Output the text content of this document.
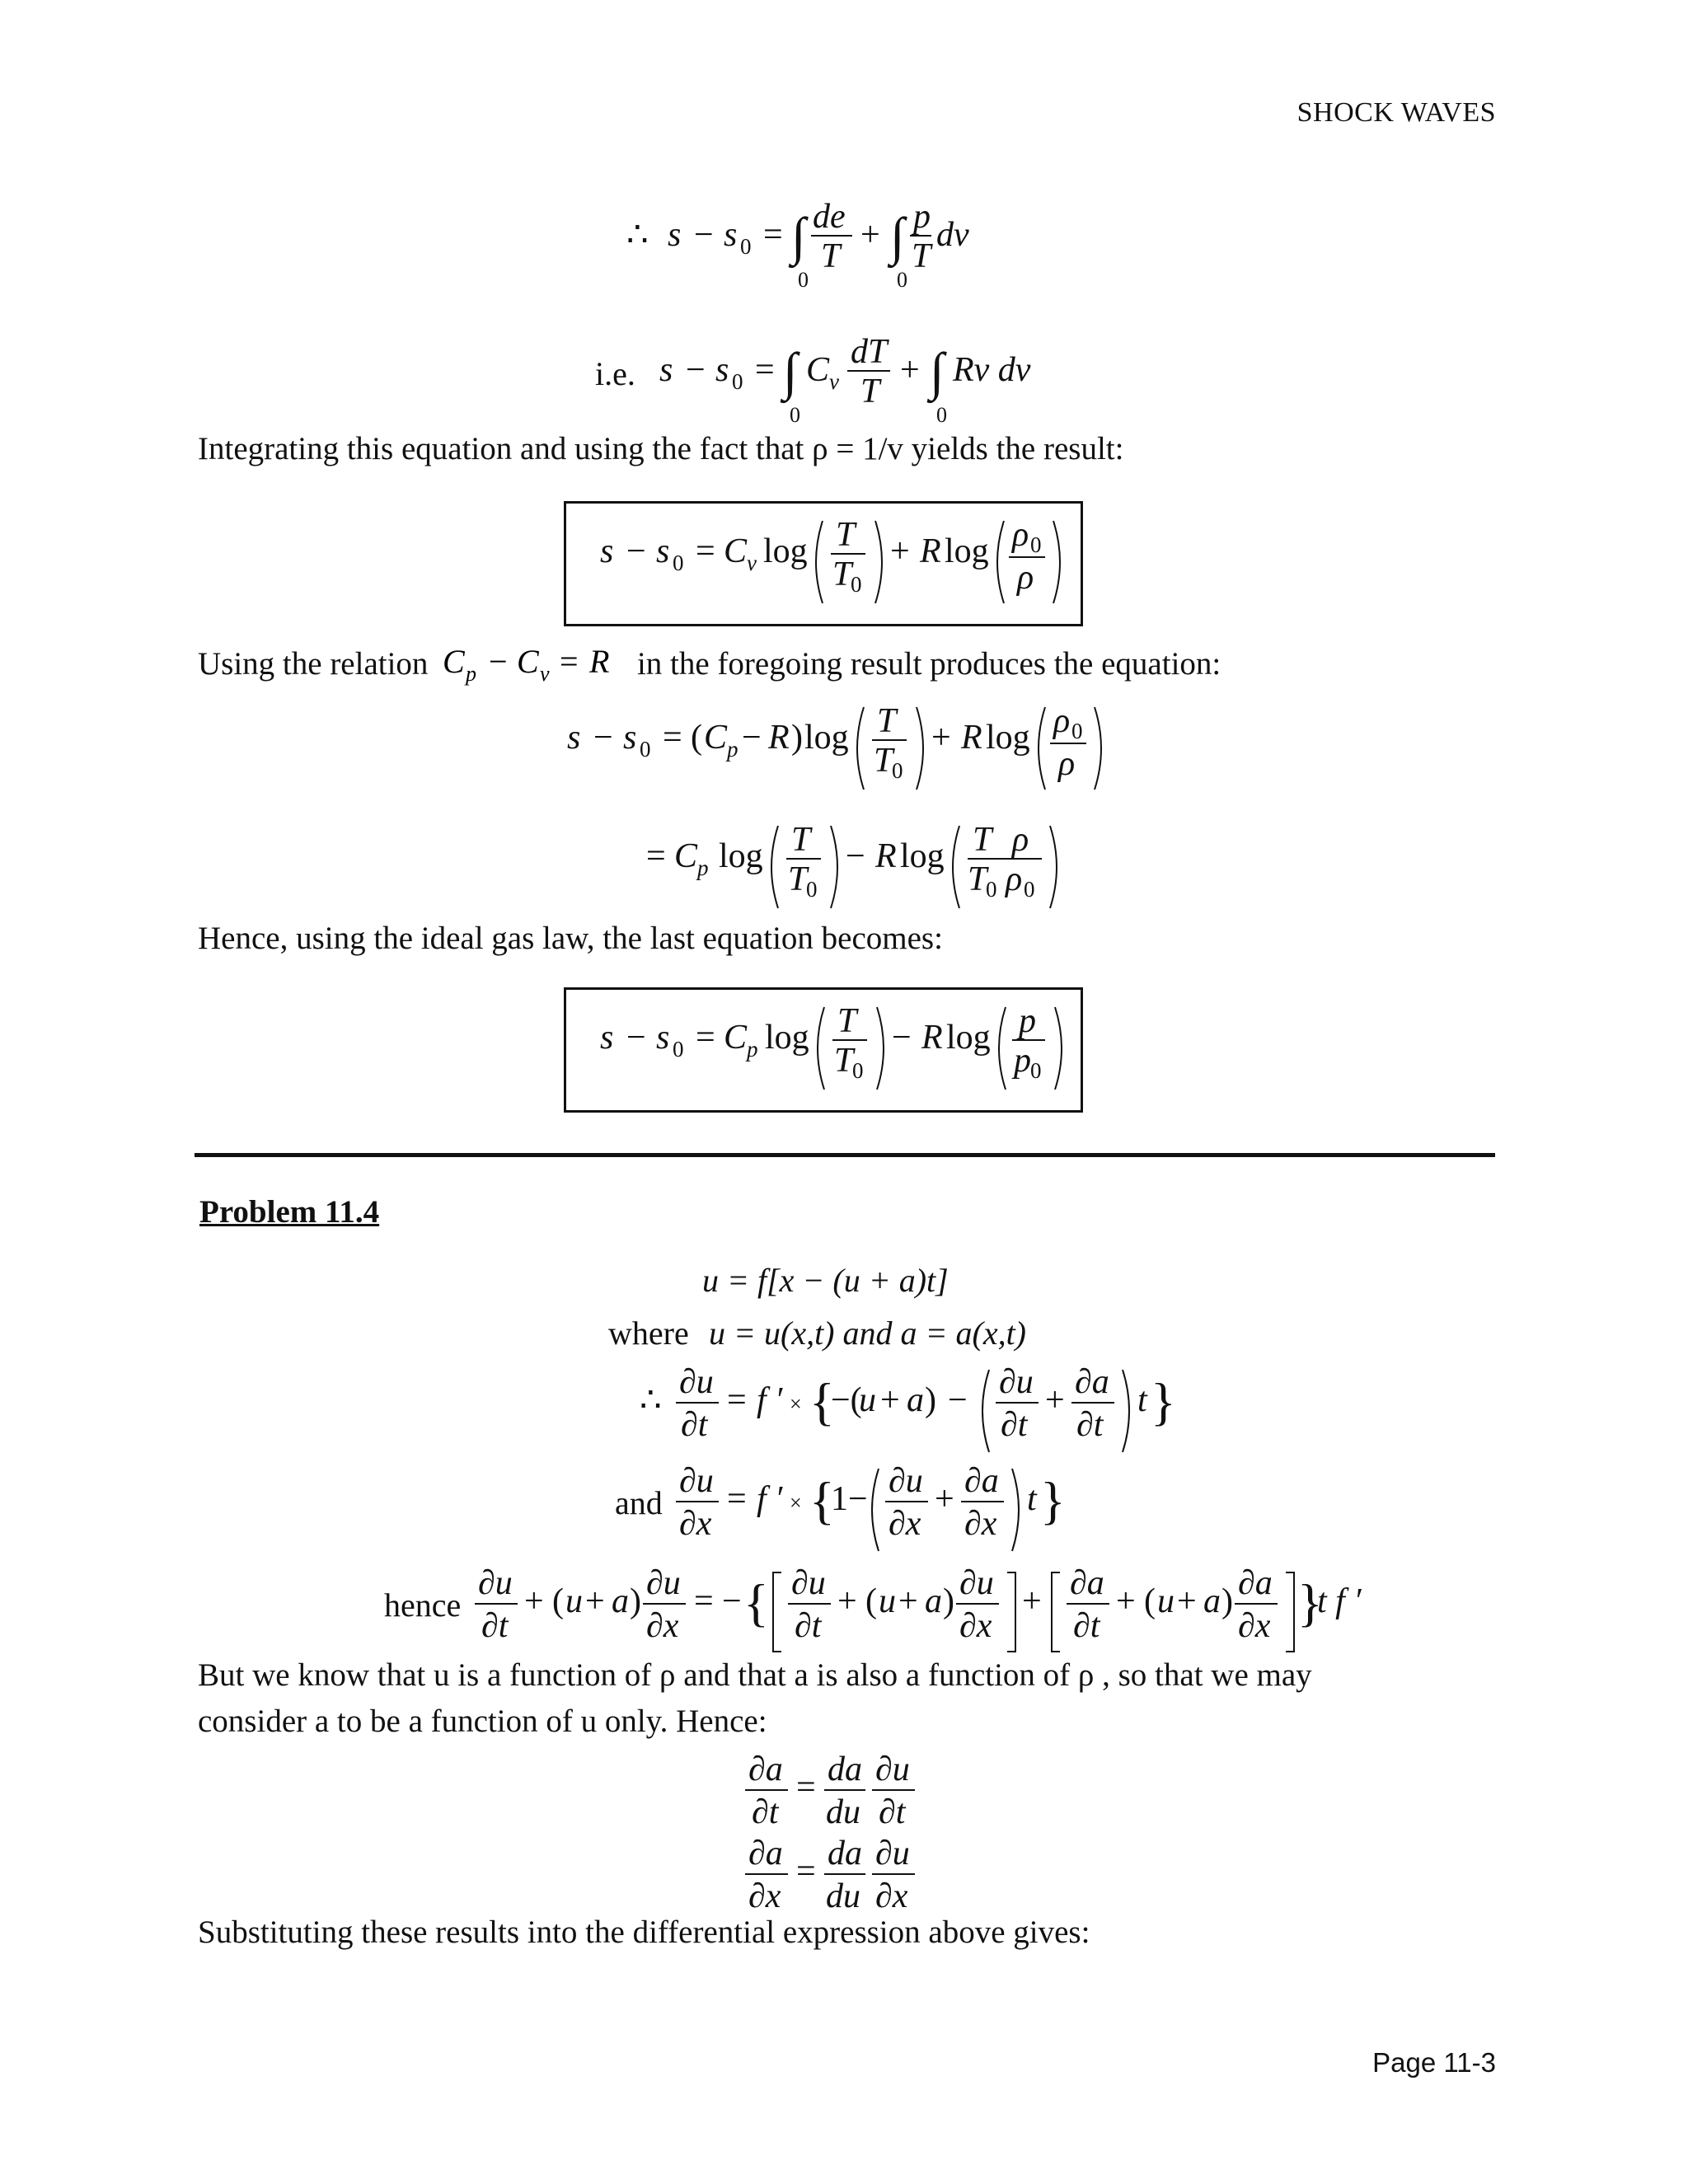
SHOCK WAVES
∴ s − s 0 = ∫ de
T
0
+ ∫ p
T
0
dv
i.e. s − s 0 = ∫ C v
dT
T
0
+ ∫ Rv dv
0
Integrating this equation and using the fact that ρ = 1/v yields the result:
s − s 0 = C v log T
T
0
+ R log ρ 0
ρ
Using the relation C p − C v = R in the foregoing result produces the equation:
s − s 0 = ( C p − R ) log T
T
0
+ R log ρ 0
ρ
= C p log T
T
0
− R log T ρ
T
0 ρ 0
Hence, using the ideal gas law, the last equation becomes:
s − s 0 = C p log T
T
0
− R log p
p 0
Problem 11.4
u = f[x − (u + a)t]
where u = u(x,t) and a = a(x,t)
∴ ∂u
∂t
= f ′ × {
−(
u + a ) − ∂u
∂t
+ ∂a
∂t
t }
and
∂u
∂x
= f ′ × {
1− ∂u
∂x
+ ∂a
∂x
t }
hence
∂u
∂t
+ ( u + a ) ∂u
∂x
= − { ∂u
∂t
+ ( u + a ) ∂u
∂x
+ ∂a
∂t
+ ( u + a ) ∂a
∂x }
t f ′
But we know that u is a function of ρ and that a is also a function of ρ , so that we may
consider a to be a function of u only. Hence:
∂a
∂t
= da
du
∂u
∂t
∂a
∂x
= da
du
∂u
∂x
Substituting these results into the differential expression above gives:
Page 11-3
